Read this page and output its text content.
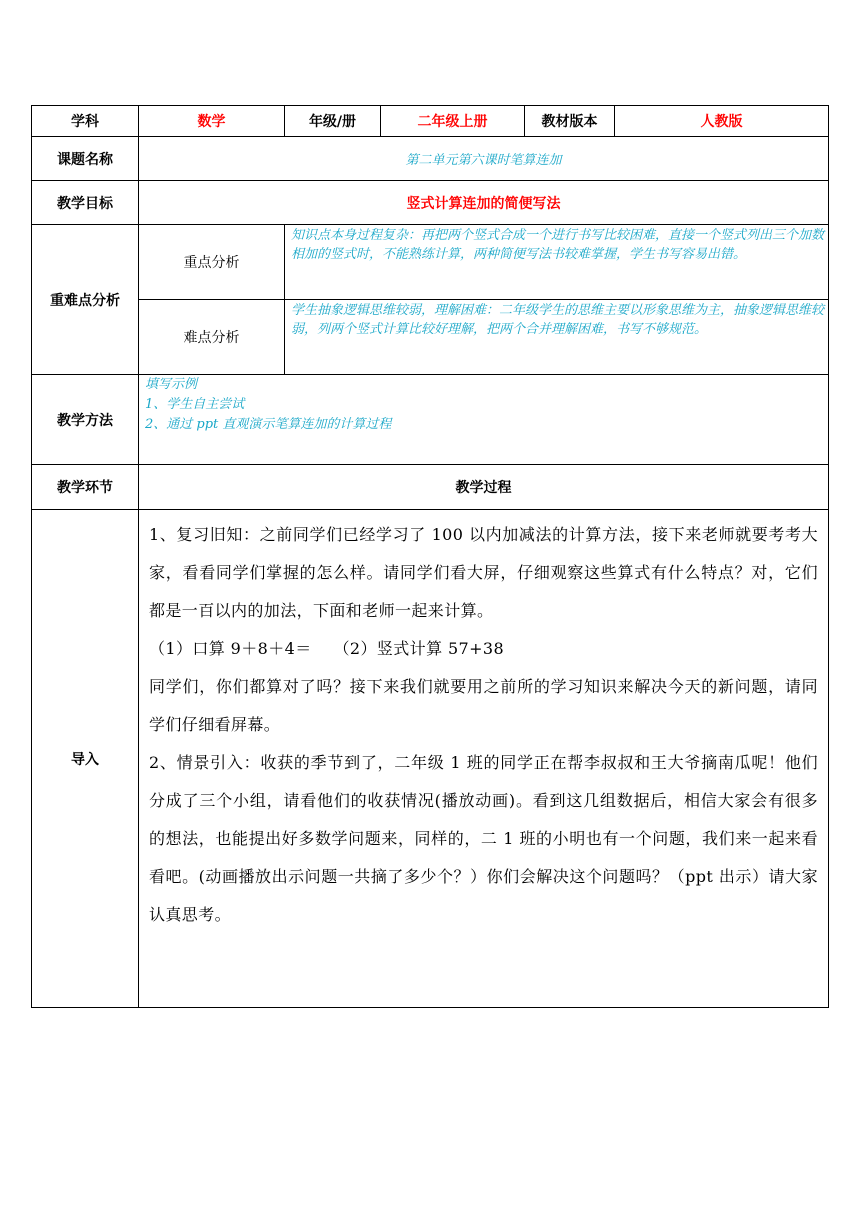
学科	数学	年级/册	二年级上册	教材版本	人教版
课题名称	第二单元第六课时笔算连加				
教学目标	竖式计算连加的简便写法				
重难点分析	重点分析	知识点本身过程复杂：再把两个竖式合成一个进行书写比较困难，直接一个竖式列出三个加数相加的竖式时，不能熟练计算，两种简便写法书较难掌握，学生书写容易出错。			
	难点分析	学生抽象逻辑思维较弱，理解困难：二年级学生的思维主要以形象思维为主，抽象逻辑思维较弱，列两个竖式计算比较好理解，把两个合并理解困难，书写不够规范。			
教学方法	填写示例
1、学生自主尝试
2、通过 ppt 直观演示笔算连加的计算过程				

教学环节	教学过程				
导入	1、复习旧知：之前同学们已经学习了 100 以内加减法的计算方法，接下来老师就要考考大家，看看同学们掌握的怎么样。请同学们看大屏，仔细观察这些算式有什么特点？对，它们都是一百以内的加法，下面和老师一起来计算。

（1）口算 9＋8＋4＝　 （2）竖式计算 57+38

同学们，你们都算对了吗？接下来我们就要用之前所的学习知识来解决今天的新问题，请同学们仔细看屏幕。

2、情景引入：收获的季节到了，二年级 1 班的同学正在帮李叔叔和王大爷摘南瓜呢！他们分成了三个小组，请看他们的收获情况(播放动画)。看到这几组数据后，相信大家会有很多的想法，也能提出好多数学问题来，同样的，二 1 班的小明也有一个问题，我们来一起来看看吧。(动画播放出示问题一共摘了多少个？）你们会解决这个问题吗？（ppt 出示）请大家认真思考。				
